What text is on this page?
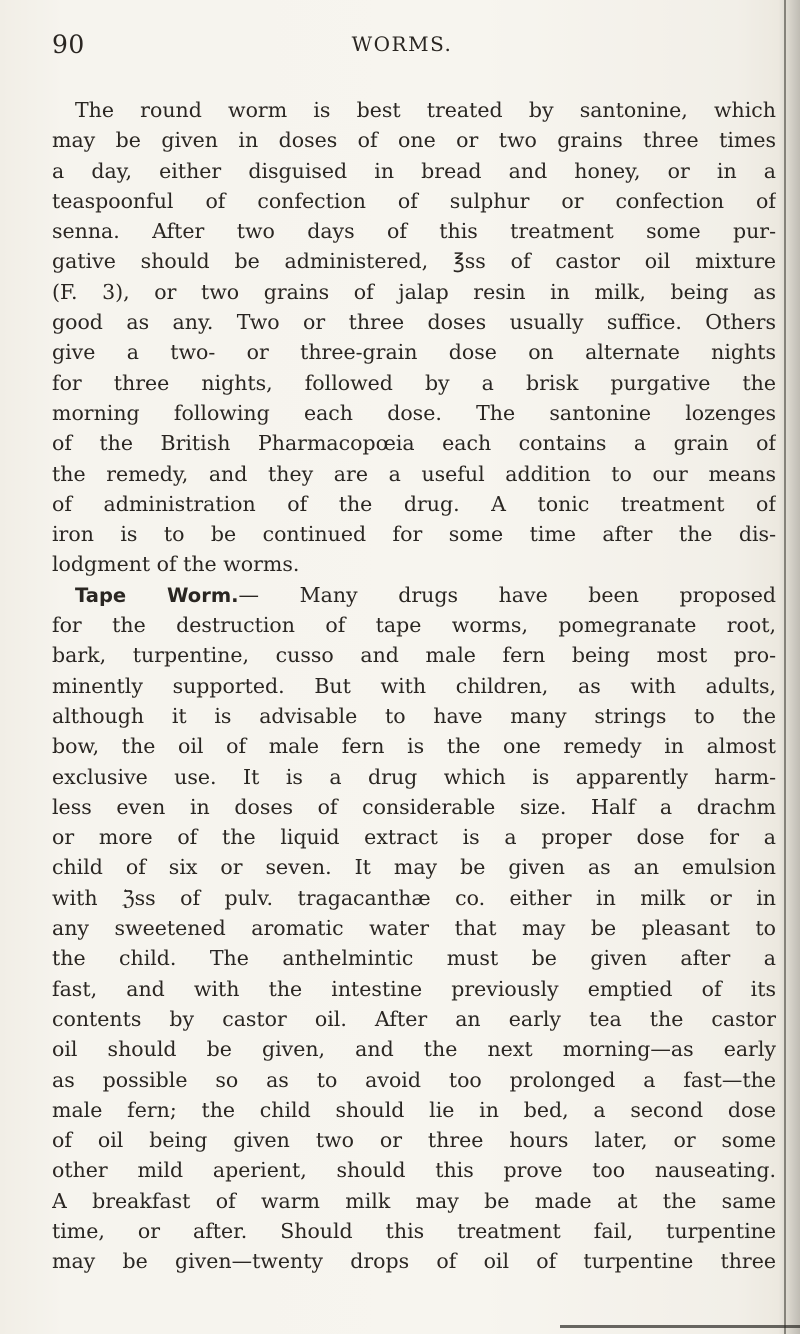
90	WORMS.
The round worm is best treated by santonine, which
may be given in doses of one or two grains three times
a day, either disguised in bread and honey, or in a
teaspoonful of confection of sulphur or confection of
senna. After two days of this treatment some pur-
gative should be administered, ℥ss of castor oil mixture
(F. 3), or two grains of jalap resin in milk, being as
good as any. Two or three doses usually suffice. Others
give a two- or three-grain dose on alternate nights
for three nights, followed by a brisk purgative the
morning following each dose. The santonine lozenges
of the British Pharmacopœia each contains a grain of
the remedy, and they are a useful addition to our means
of administration of the drug. A tonic treatment of
iron is to be continued for some time after the dis-
lodgment of the worms.
Tape Worm.— Many drugs have been proposed
for the destruction of tape worms, pomegranate root,
bark, turpentine, cusso and male fern being most pro-
minently supported. But with children, as with adults,
although it is advisable to have many strings to the
bow, the oil of male fern is the one remedy in almost
exclusive use. It is a drug which is apparently harm-
less even in doses of considerable size. Half a drachm
or more of the liquid extract is a proper dose for a
child of six or seven. It may be given as an emulsion
with ℨss of pulv. tragacanthæ co. either in milk or in
any sweetened aromatic water that may be pleasant to
the child. The anthelmintic must be given after a
fast, and with the intestine previously emptied of its
contents by castor oil. After an early tea the castor
oil should be given, and the next morning—as early
as possible so as to avoid too prolonged a fast—the
male fern; the child should lie in bed, a second dose
of oil being given two or three hours later, or some
other mild aperient, should this prove too nauseating.
A breakfast of warm milk may be made at the same
time, or after. Should this treatment fail, turpentine
may be given—twenty drops of oil of turpentine three
